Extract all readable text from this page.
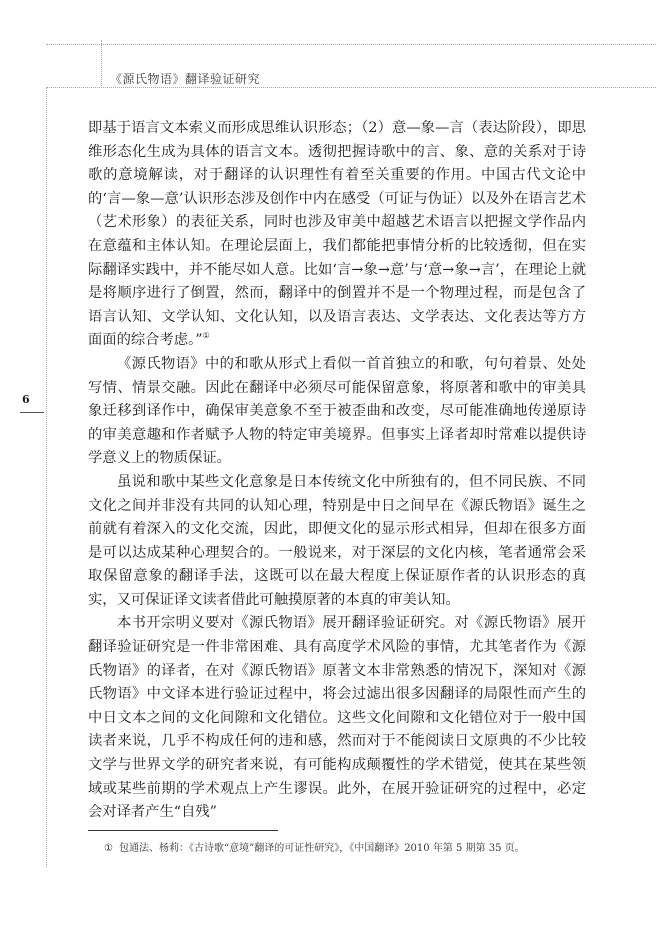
《源氏物语》翻译验证研究
6

即基于语言文本索义而形成思维认识形态；（2）意—象—言（表达阶段），即思维形态化生成为具体的语言文本。透彻把握诗歌中的言、象、意的关系对于诗歌的意境解读，对于翻译的认识理性有着至关重要的作用。中国古代文论中的‘言—象—意’认识形态涉及创作中内在感受（可证与伪证）以及外在语言艺术（艺术形象）的表征关系，同时也涉及审美中超越艺术语言以把握文学作品内在意蕴和主体认知。在理论层面上，我们都能把事情分析的比较透彻，但在实际翻译实践中，并不能尽如人意。比如‘言→象→意’与‘意→象→言’，在理论上就是将顺序进行了倒置，然而，翻译中的倒置并不是一个物理过程，而是包含了语言认知、文学认知、文化认知，以及语言表达、文学表达、文化表达等方方面面的综合考虑。”①

《源氏物语》中的和歌从形式上看似一首首独立的和歌，句句着景、处处写情、情景交融。因此在翻译中必须尽可能保留意象，将原著和歌中的审美具象迁移到译作中，确保审美意象不至于被歪曲和改变，尽可能准确地传递原诗的审美意趣和作者赋予人物的特定审美境界。但事实上译者却时常难以提供诗学意义上的物质保证。

虽说和歌中某些文化意象是日本传统文化中所独有的，但不同民族、不同文化之间并非没有共同的认知心理，特别是中日之间早在《源氏物语》诞生之前就有着深入的文化交流，因此，即便文化的显示形式相异，但却在很多方面是可以达成某种心理契合的。一般说来，对于深层的文化内核，笔者通常会采取保留意象的翻译手法，这既可以在最大程度上保证原作者的认识形态的真实，又可保证译文读者借此可触摸原著的本真的审美认知。

本书开宗明义要对《源氏物语》展开翻译验证研究。对《源氏物语》展开翻译验证研究是一件非常困难、具有高度学术风险的事情，尤其笔者作为《源氏物语》的译者，在对《源氏物语》原著文本非常熟悉的情况下，深知对《源氏物语》中文译本进行验证过程中，将会过滤出很多因翻译的局限性而产生的中日文本之间的文化间隙和文化错位。这些文化间隙和文化错位对于一般中国读者来说，几乎不构成任何的违和感，然而对于不能阅读日文原典的不少比较文学与世界文学的研究者来说，有可能构成颠覆性的学术错觉，使其在某些领域或某些前期的学术观点上产生谬误。此外，在展开验证研究的过程中，必定会对译者产生“自残”

① 包通法、杨莉：《古诗歌“意境”翻译的可证性研究》，《中国翻译》2010 年第 5 期第 35 页。
